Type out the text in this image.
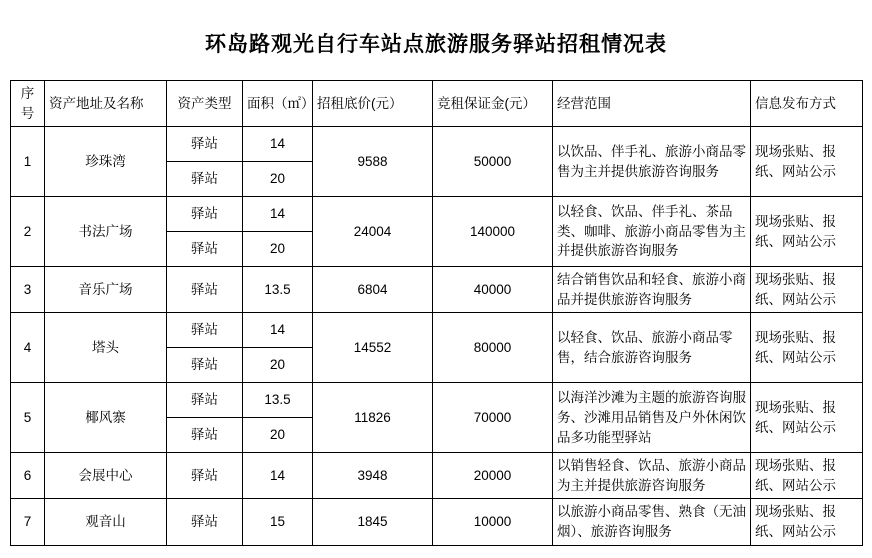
环岛路观光自行车站点旅游服务驿站招租情况表
序号	资产地址及名称	资产类型	面积（㎡）	招租底价(元）	竞租保证金(元）	经营范围	信息发布方式
1	珍珠湾	驿站	14	9588	50000	以饮品、伴手礼、旅游小商品零售为主并提供旅游咨询服务	现场张贴、报纸、网站公示
		驿站	20				
2	书法广场	驿站	14	24004	140000	以轻食、饮品、伴手礼、茶品类、咖啡、旅游小商品零售为主并提供旅游咨询服务	现场张贴、报纸、网站公示
		驿站	20				
3	音乐广场	驿站	13.5	6804	40000	结合销售饮品和轻食、旅游小商品并提供旅游咨询服务	现场张贴、报纸、网站公示
4	塔头	驿站	14	14552	80000	以轻食、饮品、旅游小商品零售，结合旅游咨询服务	现场张贴、报纸、网站公示
		驿站	20				
5	椰风寨	驿站	13.5	11826	70000	以海洋沙滩为主题的旅游咨询服务、沙滩用品销售及户外休闲饮品多功能型驿站	现场张贴、报纸、网站公示
		驿站	20				
6	会展中心	驿站	14	3948	20000	以销售轻食、饮品、旅游小商品为主并提供旅游咨询服务	现场张贴、报纸、网站公示
7	观音山	驿站	15	1845	10000	以旅游小商品零售、熟食（无油烟）、旅游咨询服务	现场张贴、报纸、网站公示
